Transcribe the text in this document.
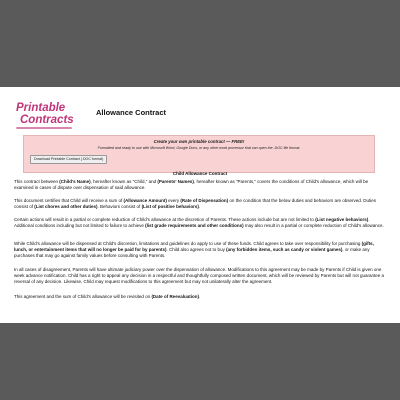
Printable
Contracts
Allowance Contract
Create your own printable contract — FREE!
Formatted and ready to use with Microsoft Word, Google Docs, or any other word processor that can open the .DOC file format.
Download Printable Contract (.DOC format)
Child Allowance Contract

This contract between (Child's Name), hereafter known as "Child," and (Parents' Names), hereafter known as "Parents," covers the conditions of Child's allowance, which will be examined in cases of dispute over dispensation of said allowance.

This document certifies that Child will receive a sum of (Allowance Amount) every (Rate of Dispensation) on the condition that the below duties and behaviors are observed. Duties consist of (List chores and other duties). Behaviors consist of (List of positive behaviors).

Certain actions will result in a partial or complete reduction of Child's allowance at the discretion of Parents. These actions include but are not limited to (List negative behaviors). Additional conditions including but not limited to failure to achieve (list grade requirements and other conditions) may also result in a partial or complete reduction of Child's allowance.

While Child's allowance will be dispensed at Child's discretion, limitations and guidelines do apply to use of these funds. Child agrees to take over responsibility for purchasing (gifts, lunch, or entertainment items that will no longer be paid for by parents). Child also agrees not to buy (any forbidden items, such as candy or violent games), or make any purchases that may go against family values before consulting with Parents.

In all cases of disagreement, Parents will have ultimate judiciary power over the dispensation of allowance. Modifications to this agreement may be made by Parents if Child is given one week advance notification. Child has a right to appeal any decision in a respectful and thoughtfully composed written document, which will be reviewed by Parents but will not guarantee a reversal of any decision. Likewise, Child may request modifications to this agreement but may not unilaterally alter the agreement.

This agreement and the sum of Child's allowance will be revisited on (Date of Reevaluation).
